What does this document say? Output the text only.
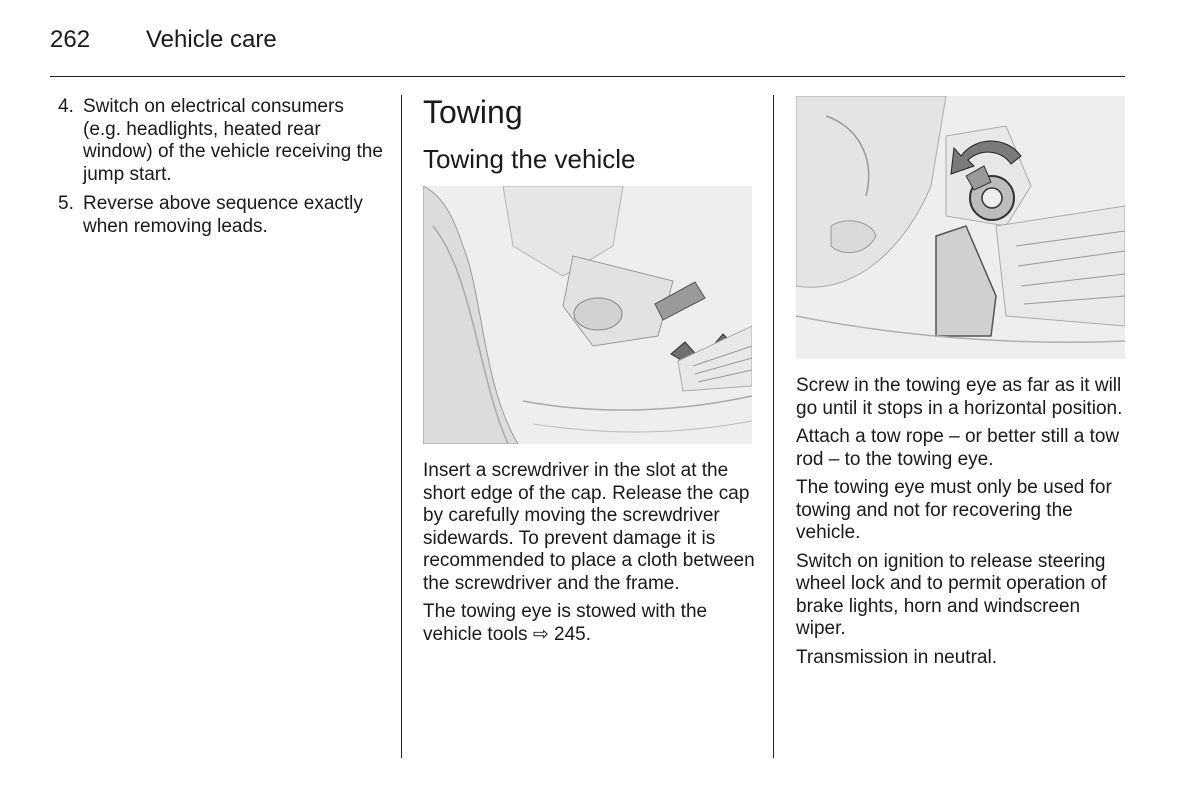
262 Vehicle care
4. Switch on electrical consumers (e.g. headlights, heated rear window) of the vehicle receiving the jump start.
5. Reverse above sequence exactly when removing leads.
Towing
Towing the vehicle

Insert a screwdriver in the slot at the short edge of the cap. Release the cap by carefully moving the screwdriver sidewards. To prevent damage it is recommended to place a cloth between the screwdriver and the frame.

The towing eye is stowed with the vehicle tools ⇨ 245.

Screw in the towing eye as far as it will go until it stops in a horizontal position.

Attach a tow rope – or better still a tow rod – to the towing eye.

The towing eye must only be used for towing and not for recovering the vehicle.

Switch on ignition to release steering wheel lock and to permit operation of brake lights, horn and windscreen wiper.

Transmission in neutral.
